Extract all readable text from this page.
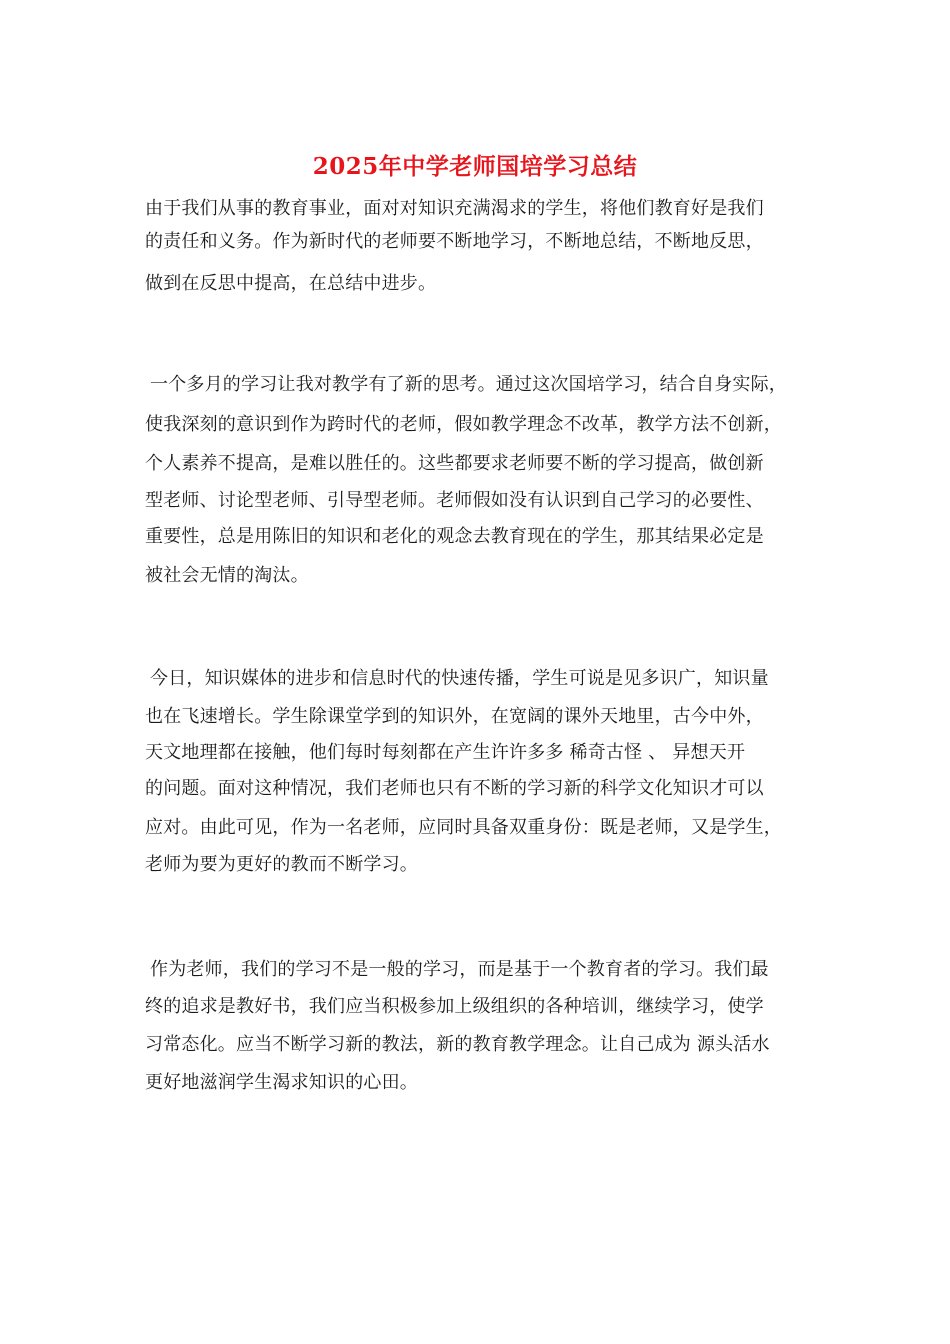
2025年中学老师国培学习总结
由于我们从事的教育事业，面对对知识充满渴求的学生，将他们教育好是我们
的责任和义务。作为新时代的老师要不断地学习，不断地总结，不断地反思，
做到在反思中提高，在总结中进步。
一个多月的学习让我对教学有了新的思考。通过这次国培学习，结合自身实际，
使我深刻的意识到作为跨时代的老师，假如教学理念不改革，教学方法不创新，
个人素养不提高，是难以胜任的。这些都要求老师要不断的学习提高，做创新
型老师、讨论型老师、引导型老师。老师假如没有认识到自己学习的必要性、
重要性，总是用陈旧的知识和老化的观念去教育现在的学生，那其结果必定是
被社会无情的淘汰。
今日，知识媒体的进步和信息时代的快速传播，学生可说是见多识广，知识量
也在飞速增长。学生除课堂学到的知识外，在宽阔的课外天地里，古今中外，
天文地理都在接触，他们每时每刻都在产生许许多多 稀奇古怪 、 异想天开
的问题。面对这种情况，我们老师也只有不断的学习新的科学文化知识才可以
应对。由此可见，作为一名老师，应同时具备双重身份：既是老师，又是学生，
老师为要为更好的教而不断学习。
作为老师，我们的学习不是一般的学习，而是基于一个教育者的学习。我们最
终的追求是教好书，我们应当积极参加上级组织的各种培训，继续学习，使学
习常态化。应当不断学习新的教法，新的教育教学理念。让自己成为 源头活水
更好地滋润学生渴求知识的心田。
